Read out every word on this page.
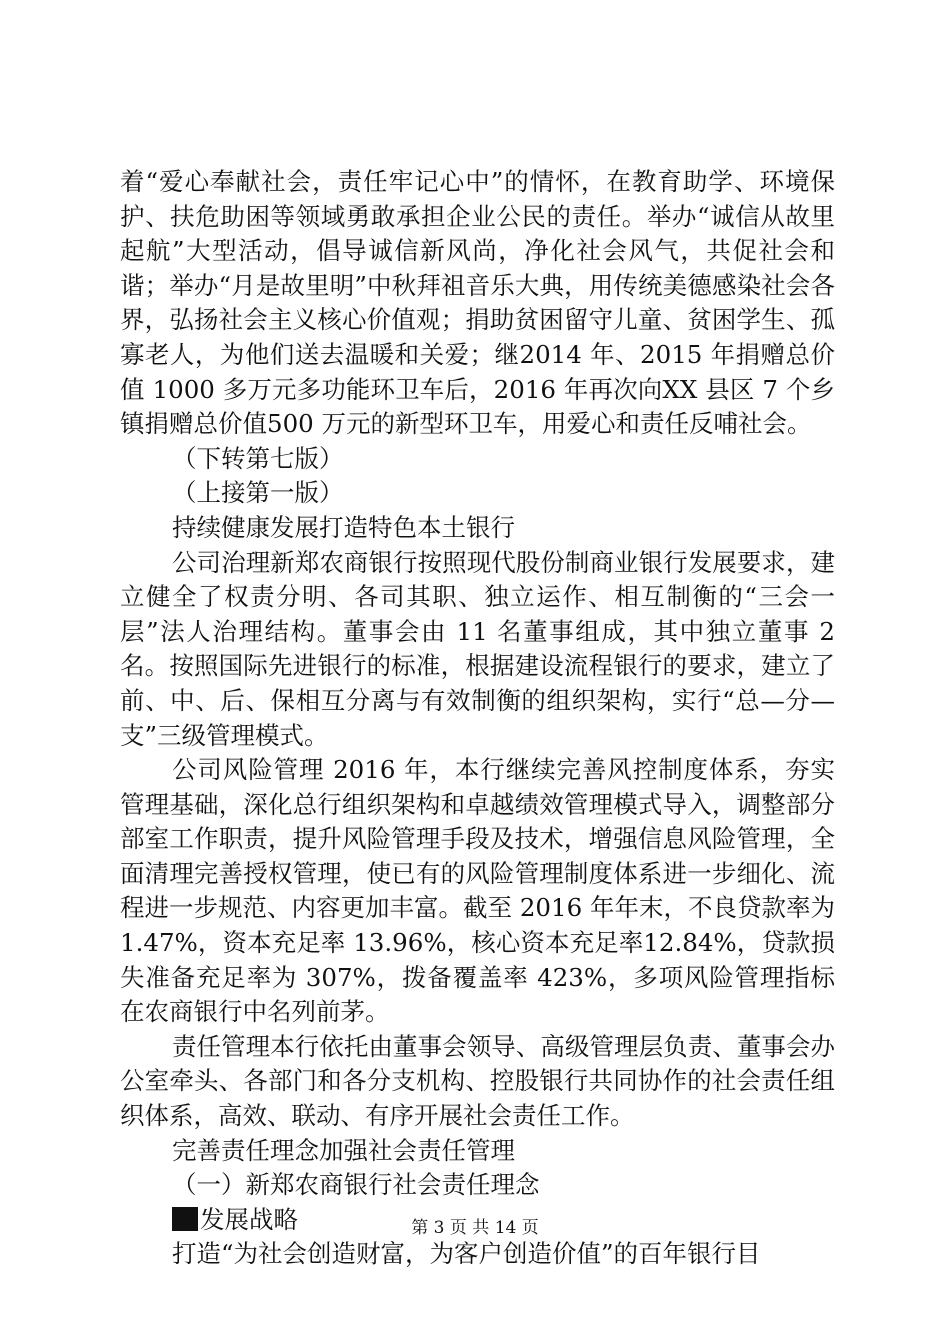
着“爱心奉献社会，责任牢记心中”的情怀，在教育助学、环境保护、扶危助困等领域勇敢承担企业公民的责任。举办“诚信从故里起航”大型活动，倡导诚信新风尚，净化社会风气，共促社会和谐；举办“月是故里明”中秋拜祖音乐大典，用传统美德感染社会各界，弘扬社会主义核心价值观；捐助贫困留守儿童、贫困学生、孤寡老人，为他们送去温暖和关爱；继2014 年、2015 年捐赠总价值 1000 多万元多功能环卫车后，2016 年再次向XX 县区 7 个乡镇捐赠总价值500 万元的新型环卫车，用爱心和责任反哺社会。

（下转第七版）

（上接第一版）

持续健康发展打造特色本土银行

公司治理新郑农商银行按照现代股份制商业银行发展要求，建立健全了权责分明、各司其职、独立运作、相互制衡的“三会一层”法人治理结构。董事会由 11 名董事组成，其中独立董事 2 名。按照国际先进银行的标准，根据建设流程银行的要求，建立了前、中、后、保相互分离与有效制衡的组织架构，实行“总—分—支”三级管理模式。

公司风险管理 2016 年，本行继续完善风控制度体系，夯实管理基础，深化总行组织架构和卓越绩效管理模式导入，调整部分部室工作职责，提升风险管理手段及技术，增强信息风险管理，全面清理完善授权管理，使已有的风险管理制度体系进一步细化、流程进一步规范、内容更加丰富。截至 2016 年年末，不良贷款率为 1.47%，资本充足率 13.96%，核心资本充足率12.84%，贷款损失准备充足率为 307%，拨备覆盖率 423%，多项风险管理指标在农商银行中名列前茅。

责任管理本行依托由董事会领导、高级管理层负责、董事会办公室牵头、各部门和各分支机构、控股银行共同协作的社会责任组织体系，高效、联动、有序开展社会责任工作。

完善责任理念加强社会责任管理

（一）新郑农商银行社会责任理念

发展战略

打造“为社会创造财富，为客户创造价值”的百年银行目

第 3 页 共 14 页
